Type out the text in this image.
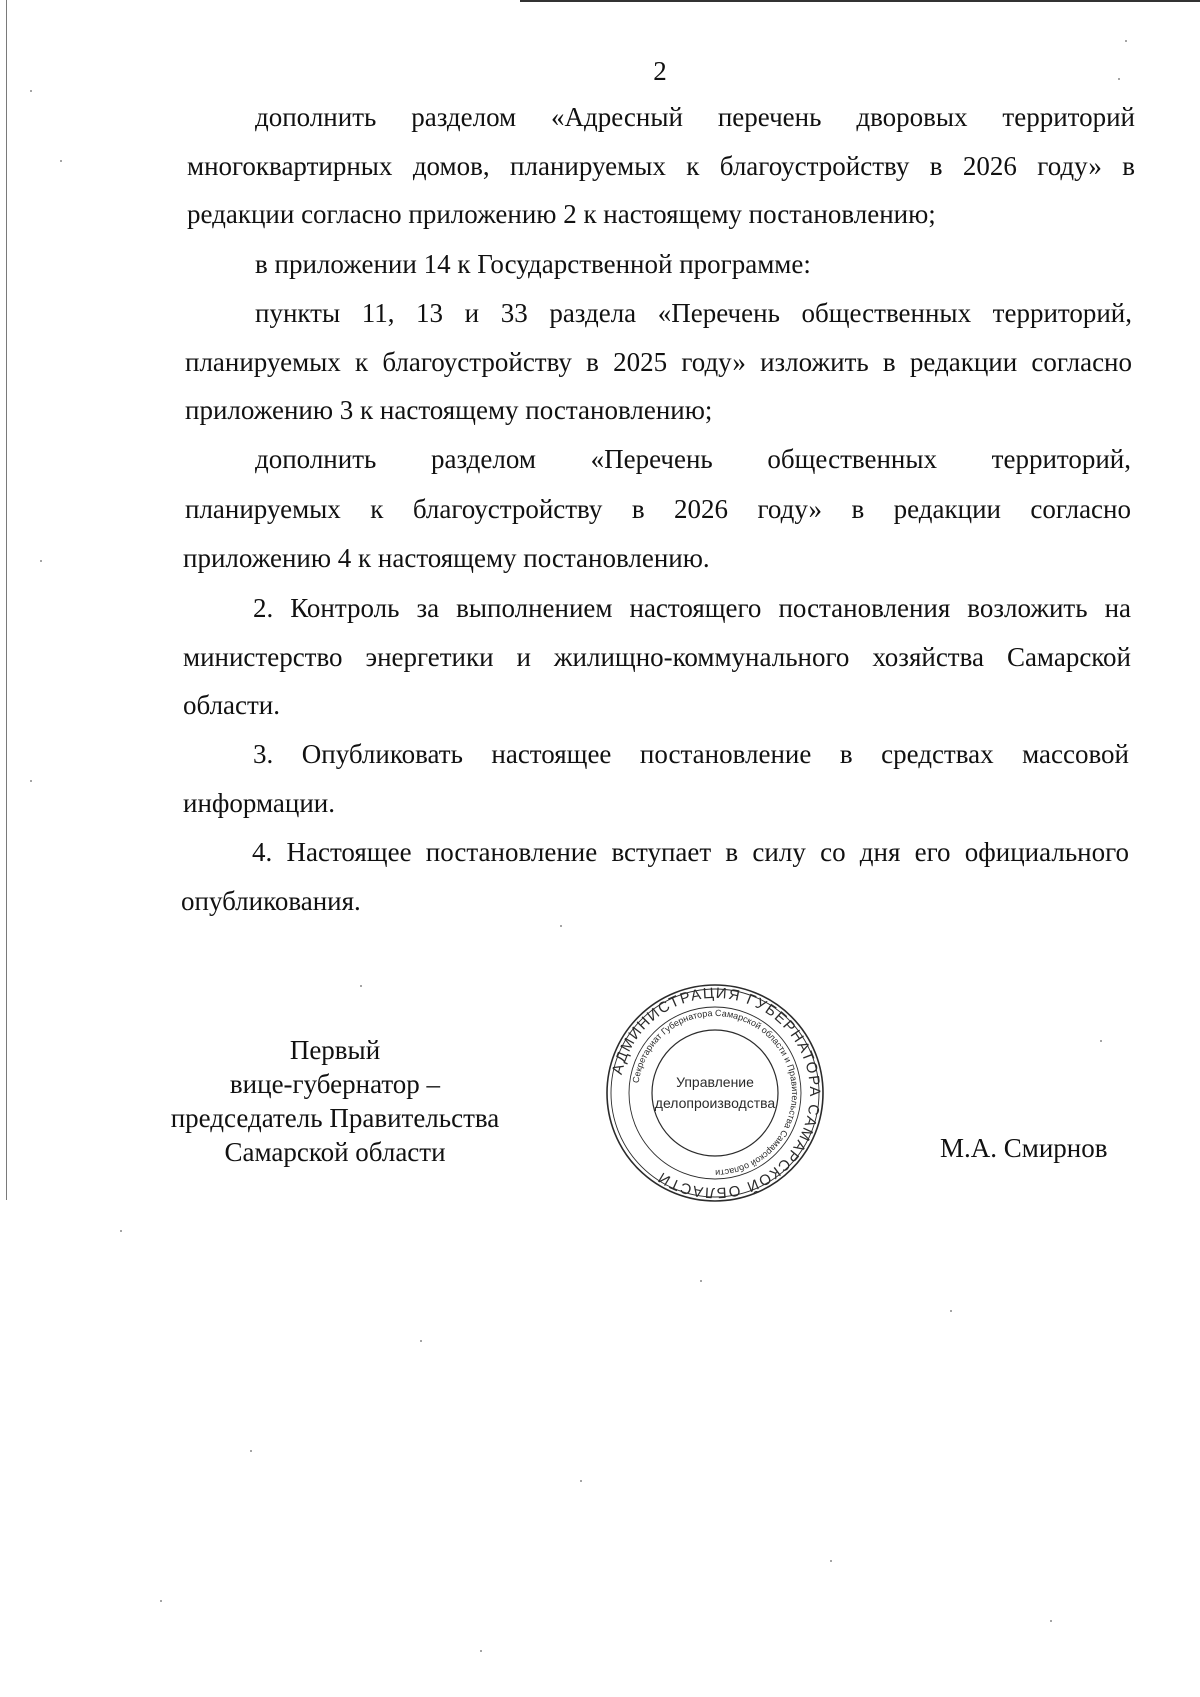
2
дополнить разделом «Адресный перечень дворовых территорий
многоквартирных домов, планируемых к благоустройству в 2026 году» в
редакции согласно приложению 2 к настоящему постановлению;
в приложении 14 к Государственной программе:
пункты 11, 13 и 33 раздела «Перечень общественных территорий,
планируемых к благоустройству в 2025 году» изложить в редакции согласно
приложению 3 к настоящему постановлению;
дополнить разделом «Перечень общественных территорий,
планируемых к благоустройству в 2026 году» в редакции согласно
приложению 4 к настоящему постановлению.
2. Контроль за выполнением настоящего постановления возложить на
министерство энергетики и жилищно-коммунального хозяйства Самарской
области.
3. Опубликовать настоящее постановление в средствах массовой
информации.
4. Настоящее постановление вступает в силу со дня его официального
опубликования.
Первый
вице-губернатор –
председатель Правительства
Самарской области
АДМИНИСТРАЦИЯ ГУБЕРНАТОРА САМАРСКОЙ ОБЛАСТИ
Секретариат Губернатора Самарской области и Правительства Самарской области
Управление
делопроизводства
М.А. Смирнов
